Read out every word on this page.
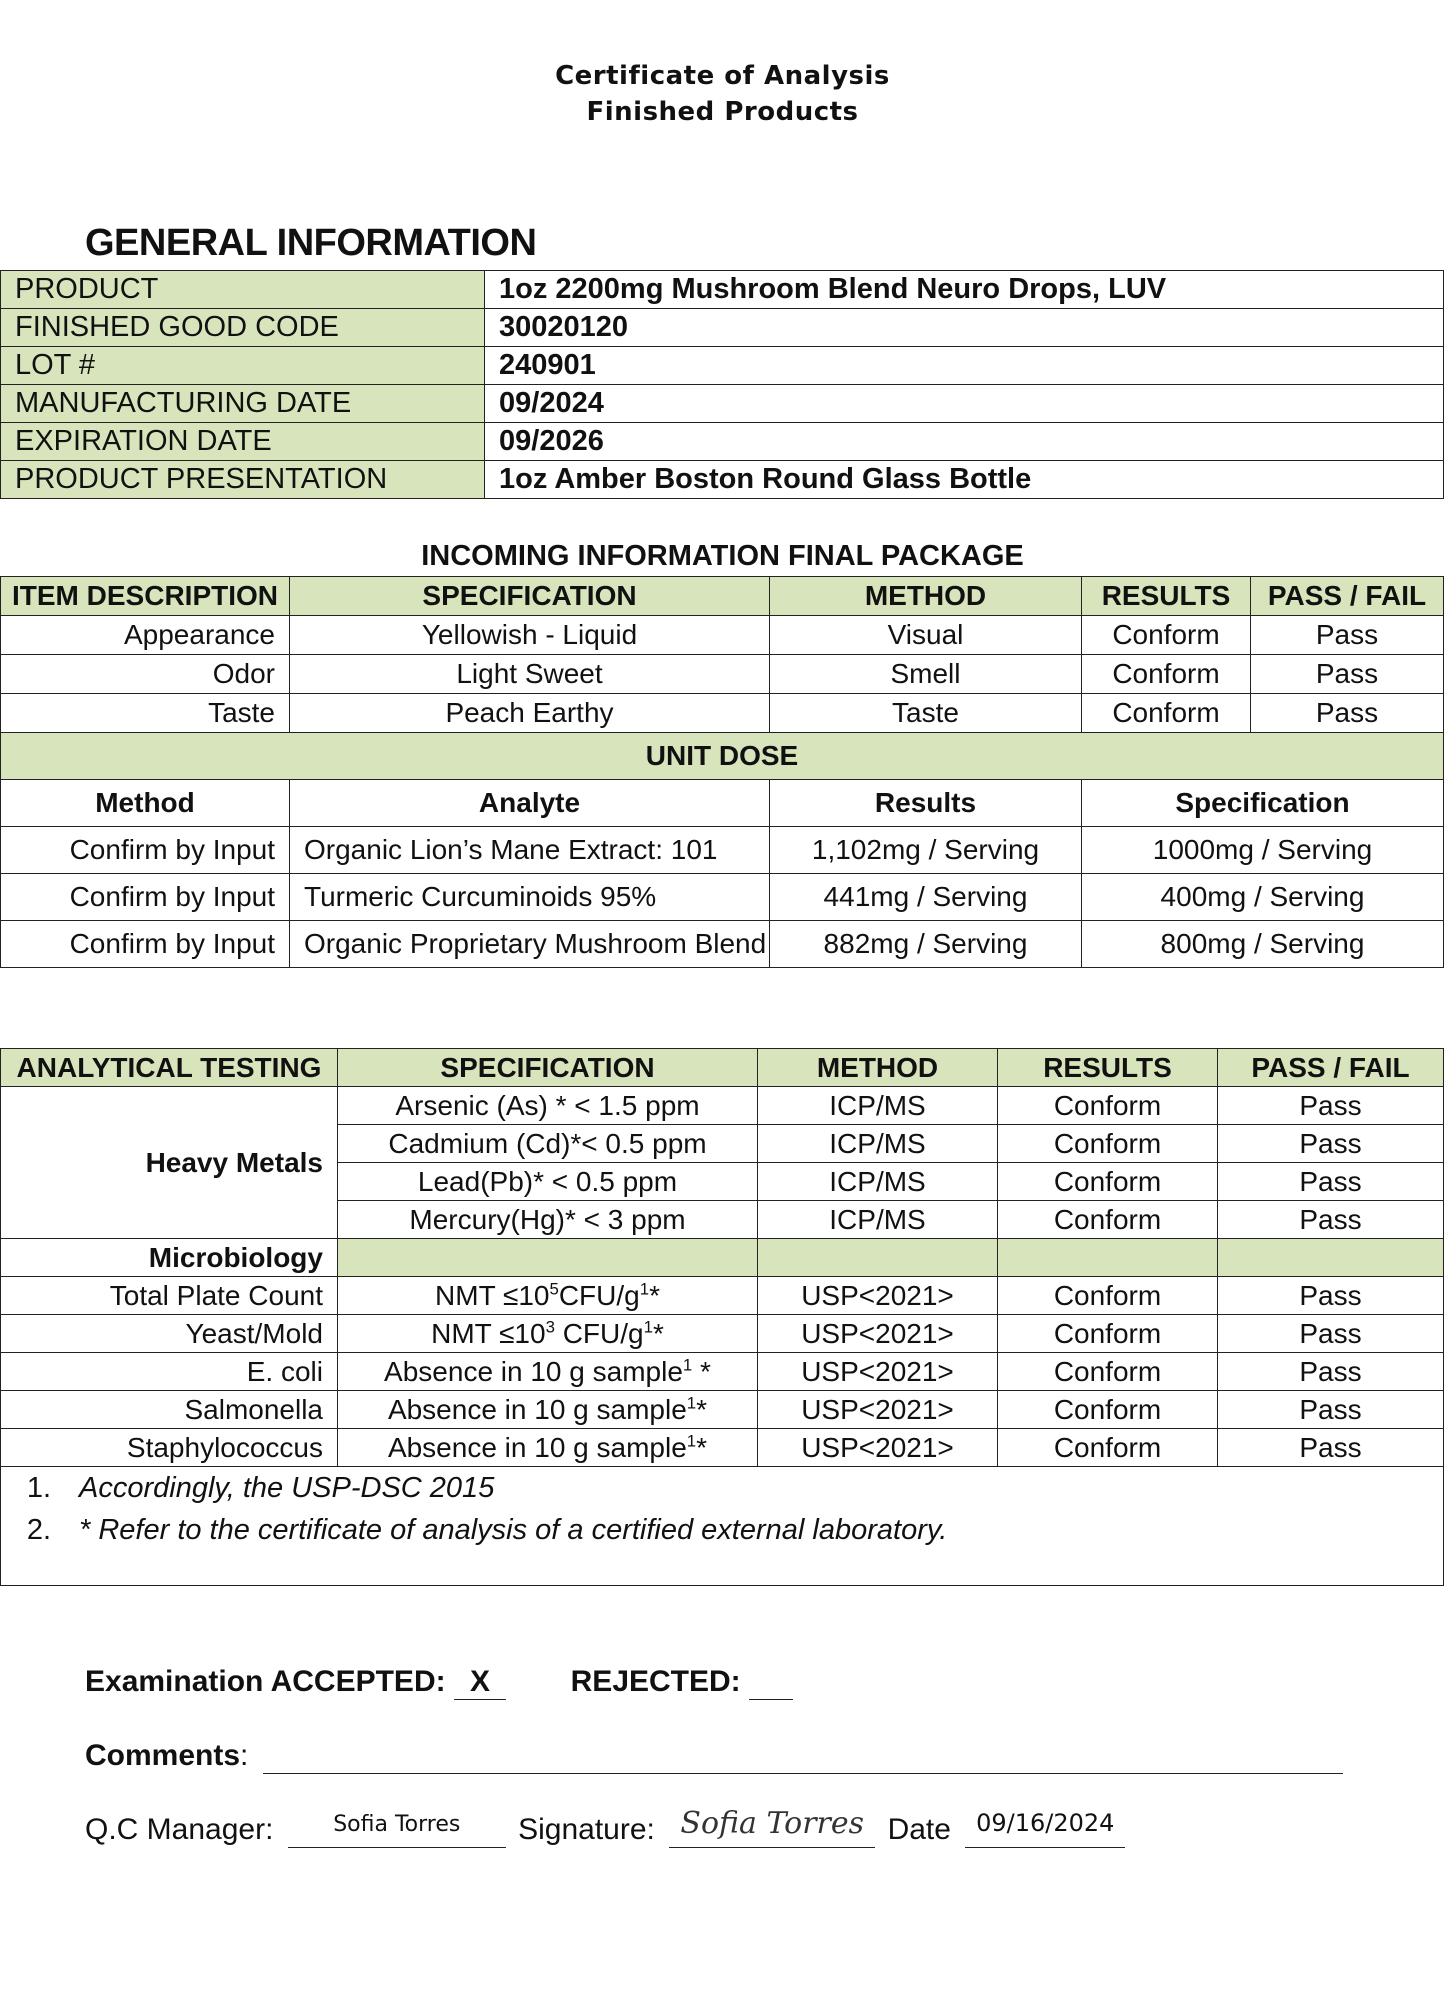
Certificate of Analysis
Finished Products
GENERAL INFORMATION
PRODUCT	1oz 2200mg Mushroom Blend Neuro Drops, LUV
FINISHED GOOD CODE	30020120
LOT #	240901
MANUFACTURING DATE	09/2024
EXPIRATION DATE	09/2026
PRODUCT PRESENTATION	1oz Amber Boston Round Glass Bottle
INCOMING INFORMATION FINAL PACKAGE
ITEM DESCRIPTION	SPECIFICATION	METHOD	RESULTS	PASS / FAIL
Appearance	Yellowish - Liquid	Visual	Conform	Pass
Odor	Light Sweet	Smell	Conform	Pass
Taste	Peach Earthy	Taste	Conform	Pass
UNIT DOSE				
Method	Analyte	Results	Specification	
Confirm by Input	Organic Lion’s Mane Extract: 101	1,102mg / Serving	1000mg / Serving	
Confirm by Input	Turmeric Curcuminoids 95%	441mg / Serving	400mg / Serving	
Confirm by Input	Organic Proprietary Mushroom Blend	882mg / Serving	800mg / Serving	
ANALYTICAL TESTING	SPECIFICATION	METHOD	RESULTS	PASS / FAIL
Heavy Metals	Arsenic (As) * < 1.5 ppm	ICP/MS	Conform	Pass
	Cadmium (Cd)*< 0.5 ppm	ICP/MS	Conform	Pass
	Lead(Pb)* < 0.5 ppm	ICP/MS	Conform	Pass
	Mercury(Hg)* < 3 ppm	ICP/MS	Conform	Pass
Microbiology				
Total Plate Count	NMT $\le 10^5CFU/g^1*$	USP<2021>	Conform	Pass
Yeast/Mold	NMT $\le 10^3$ CFU/$g^1*$	USP<2021>	Conform	Pass
E. coli	Absence in 10 g sample$^1$ *	USP<2021>	Conform	Pass
Salmonella	Absence in 10 g sample$^1$*	USP<2021>	Conform	Pass
Staphylococcus	Absence in 10 g sample$^1$*	USP<2021>	Conform	Pass

1. Accordingly, the USP-DSC 2015
2. * Refer to the certificate of analysis of a certified external laboratory.				
Examination ACCEPTED: X	REJECTED:
Comments:
Q.C Manager:	$^{Sofia Torres}$ Signature: Sofia Torres Date $^{09/16/2024}$
